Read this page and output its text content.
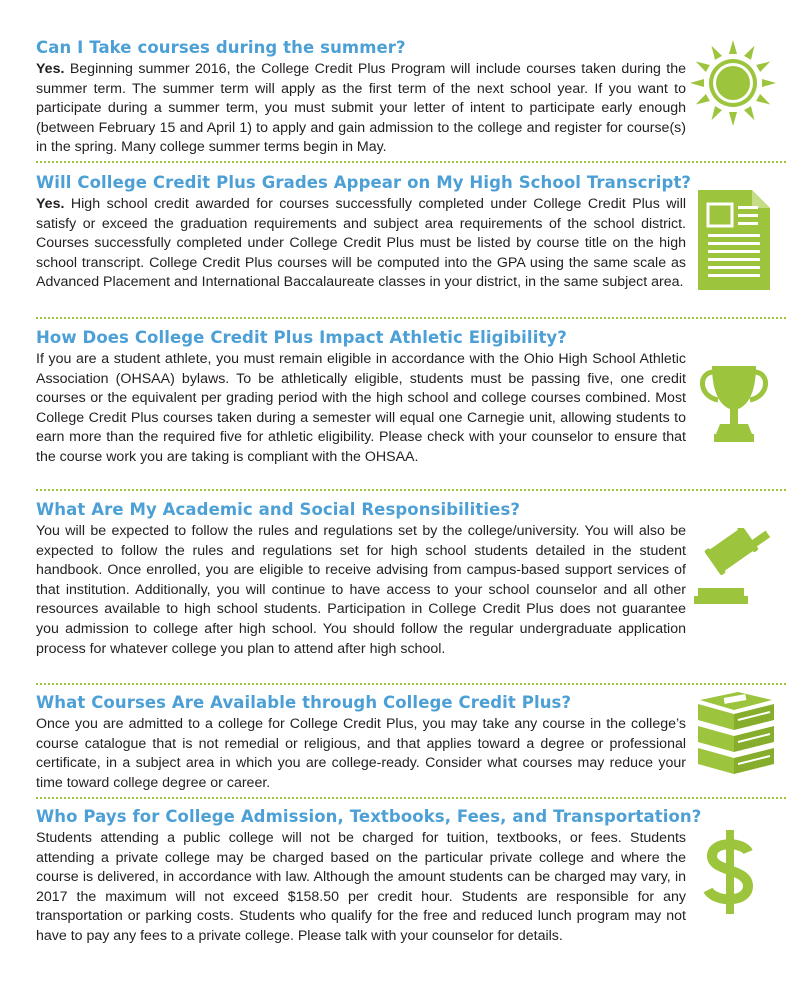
Can I Take courses during the summer?

Yes. Beginning summer 2016, the College Credit Plus Program will include courses taken during the summer term. The summer term will apply as the first term of the next school year. If you want to participate during a summer term, you must submit your letter of intent to participate early enough (between February 15 and April 1) to apply and gain admission to the college and register for course(s) in the spring. Many college summer terms begin in May.

Will College Credit Plus Grades Appear on My High School Transcript?

Yes. High school credit awarded for courses successfully completed under College Credit Plus will satisfy or exceed the graduation requirements and subject area requirements of the school district. Courses successfully completed under College Credit Plus must be listed by course title on the high school transcript. College Credit Plus courses will be computed into the GPA using the same scale as Advanced Placement and International Baccalaureate classes in your district, in the same subject area.

How Does College Credit Plus Impact Athletic Eligibility?

If you are a student athlete, you must remain eligible in accordance with the Ohio High School Athletic Association (OHSAA) bylaws. To be athletically eligible, students must be passing five, one credit courses or the equivalent per grading period with the high school and college courses combined. Most College Credit Plus courses taken during a semester will equal one Carnegie unit, allowing students to earn more than the required five for athletic eligibility. Please check with your counselor to ensure that the course work you are taking is compliant with the OHSAA.

What Are My Academic and Social Responsibilities?

You will be expected to follow the rules and regulations set by the college/university. You will also be expected to follow the rules and regulations set for high school students detailed in the student handbook. Once enrolled, you are eligible to receive advising from campus-based support services of that institution. Additionally, you will continue to have access to your school counselor and all other resources available to high school students. Participation in College Credit Plus does not guarantee you admission to college after high school. You should follow the regular undergraduate application process for whatever college you plan to attend after high school.

What Courses Are Available through College Credit Plus?

Once you are admitted to a college for College Credit Plus, you may take any course in the college’s course catalogue that is not remedial or religious, and that applies toward a degree or professional certificate, in a subject area in which you are college-ready. Consider what courses may reduce your time toward college degree or career.

Who Pays for College Admission, Textbooks, Fees, and Transportation?

Students attending a public college will not be charged for tuition, textbooks, or fees. Students attending a private college may be charged based on the particular private college and where the course is delivered, in accordance with law. Although the amount students can be charged may vary, in 2017 the maximum will not exceed $158.50 per credit hour. Students are responsible for any transportation or parking costs. Students who qualify for the free and reduced lunch program may not have to pay any fees to a private college. Please talk with your counselor for details.
